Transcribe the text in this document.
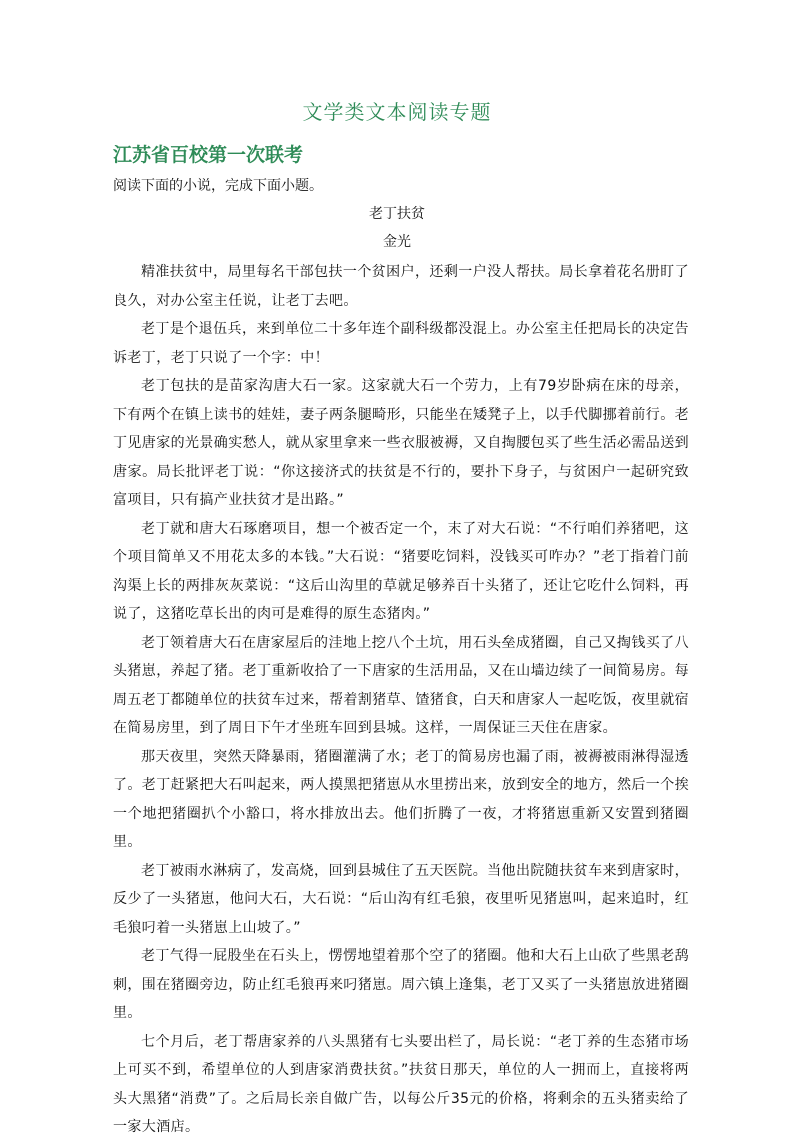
文学类文本阅读专题
江苏省百校第一次联考
阅读下面的小说，完成下面小题。
老丁扶贫
金光

精准扶贫中，局里每名干部包扶一个贫困户，还剩一户没人帮扶。局长拿着花名册盯了良久，对办公室主任说，让老丁去吧。

老丁是个退伍兵，来到单位二十多年连个副科级都没混上。办公室主任把局长的决定告诉老丁，老丁只说了一个字：中！

老丁包扶的是苗家沟唐大石一家。这家就大石一个劳力，上有79岁卧病在床的母亲，下有两个在镇上读书的娃娃，妻子两条腿畸形，只能坐在矮凳子上，以手代脚挪着前行。老丁见唐家的光景确实愁人，就从家里拿来一些衣服被褥，又自掏腰包买了些生活必需品送到唐家。局长批评老丁说：“你这接济式的扶贫是不行的，要扑下身子，与贫困户一起研究致富项目，只有搞产业扶贫才是出路。”

老丁就和唐大石琢磨项目，想一个被否定一个，末了对大石说：“不行咱们养猪吧，这个项目简单又不用花太多的本钱。”大石说：“猪要吃饲料，没钱买可咋办？”老丁指着门前沟渠上长的两排灰灰菜说：“这后山沟里的草就足够养百十头猪了，还让它吃什么饲料，再说了，这猪吃草长出的肉可是难得的原生态猪肉。”

老丁领着唐大石在唐家屋后的洼地上挖八个土坑，用石头垒成猪圈，自己又掏钱买了八头猪崽，养起了猪。老丁重新收拾了一下唐家的生活用品，又在山墙边续了一间简易房。每周五老丁都随单位的扶贫车过来，帮着割猪草、馇猪食，白天和唐家人一起吃饭，夜里就宿在简易房里，到了周日下午才坐班车回到县城。这样，一周保证三天住在唐家。

那天夜里，突然天降暴雨，猪圈灌满了水；老丁的简易房也漏了雨，被褥被雨淋得湿透了。老丁赶紧把大石叫起来，两人摸黑把猪崽从水里捞出来，放到安全的地方，然后一个挨一个地把猪圈扒个小豁口，将水排放出去。他们折腾了一夜，才将猪崽重新又安置到猪圈里。

老丁被雨水淋病了，发高烧，回到县城住了五天医院。当他出院随扶贫车来到唐家时，反少了一头猪崽，他问大石，大石说：“后山沟有红毛狼，夜里听见猪崽叫，起来追时，红毛狼叼着一头猪崽上山坡了。”

老丁气得一屁股坐在石头上，愣愣地望着那个空了的猪圈。他和大石上山砍了些黑老鸹刺，围在猪圈旁边，防止红毛狼再来叼猪崽。周六镇上逢集，老丁又买了一头猪崽放进猪圈里。

七个月后，老丁帮唐家养的八头黑猪有七头要出栏了，局长说：“老丁养的生态猪市场上可买不到，希望单位的人到唐家消费扶贫。”扶贫日那天，单位的人一拥而上，直接将两头大黑猪“消费”了。之后局长亲自做广告，以每公斤35元的价格，将剩余的五头猪卖给了一家大酒店。
